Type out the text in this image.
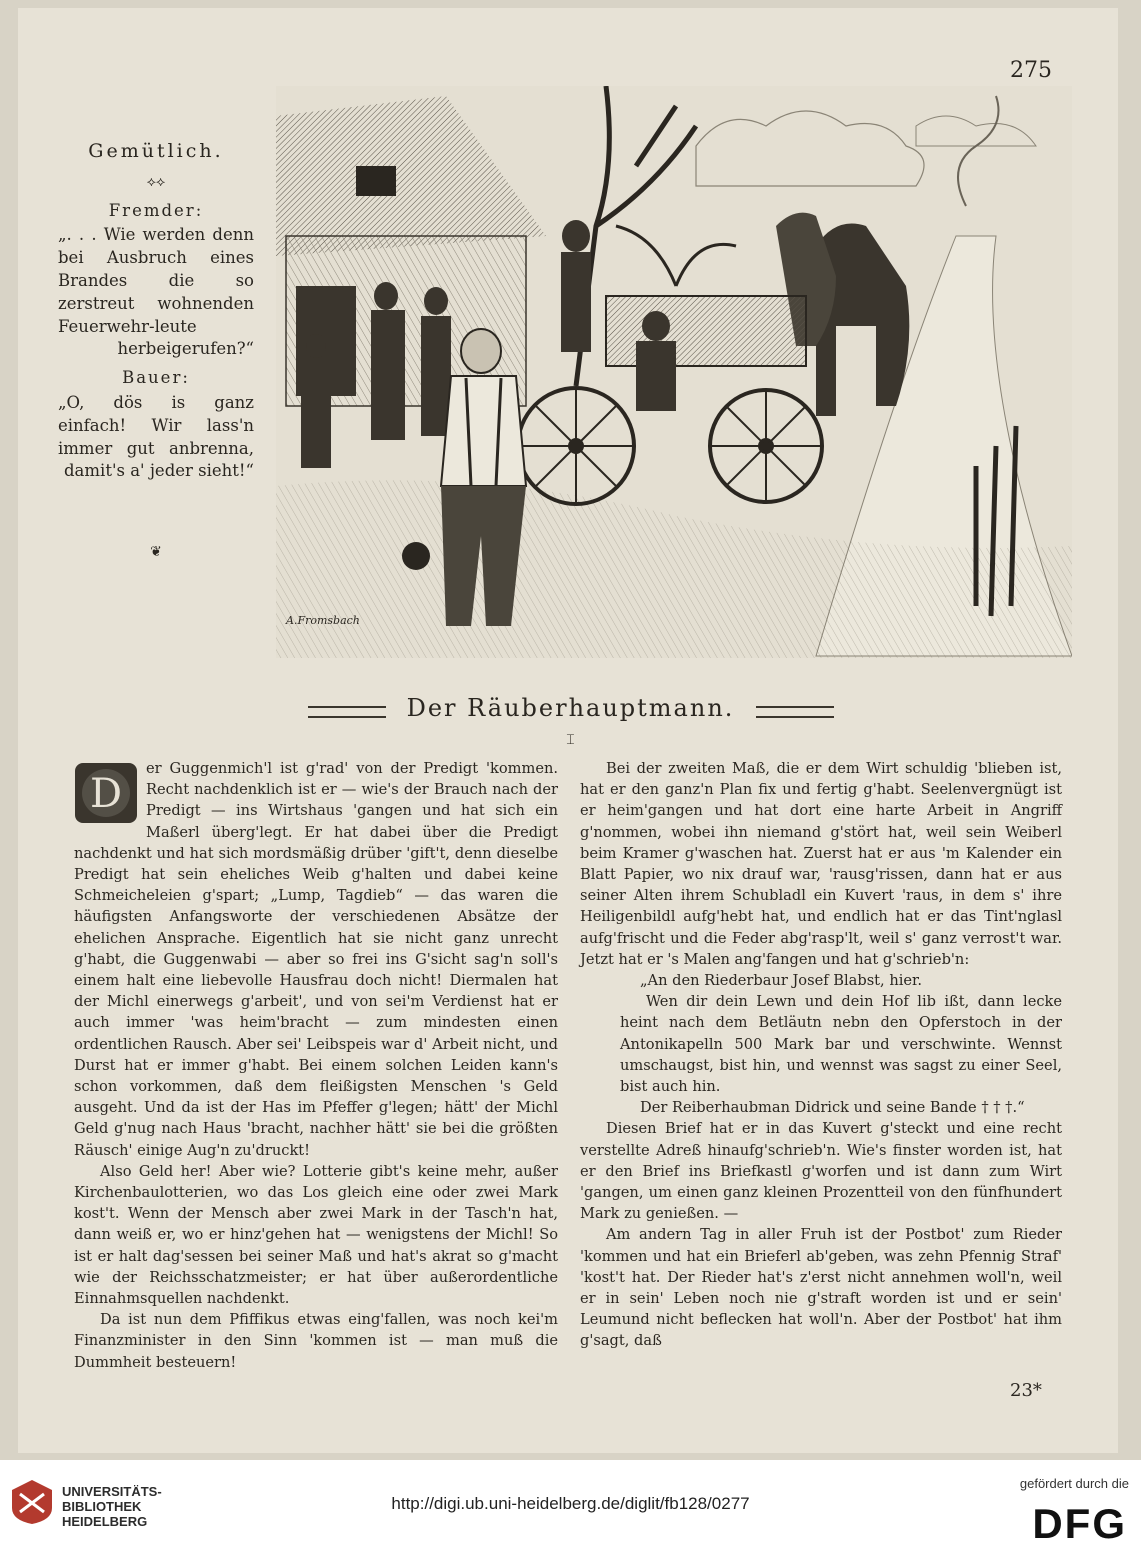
275
Gemütlich.
⟡⟡
Fremder:

„. . . Wie werden denn bei Ausbruch eines Brandes die so zerstreut wohnenden Feuerwehr-leute herbeigerufen?“

Bauer:

„O, dös is ganz einfach! Wir lass'n immer gut anbrenna, damit's a' jeder sieht!“

❦
A.Fromsbach
Der Räuberhauptmann.
⌶
D

er Guggenmich'l ist g'rad' von der Predigt 'kommen. Recht nachdenklich ist er — wie's der Brauch nach der Predigt — ins Wirtshaus 'gangen und hat sich ein Maßerl überg'legt. Er hat dabei über die Predigt nachdenkt und hat sich mordsmäßig drüber 'gift't, denn dieselbe Predigt hat sein eheliches Weib g'halten und dabei keine Schmeicheleien g'spart; „Lump, Tagdieb“ — das waren die häufigsten Anfangsworte der verschiedenen Absätze der ehelichen Ansprache. Eigentlich hat sie nicht ganz unrecht g'habt, die Guggenwabi — aber so frei ins G'sicht sag'n soll's einem halt eine liebevolle Hausfrau doch nicht! Diermalen hat der Michl einerwegs g'arbeit', und von sei'm Verdienst hat er auch immer 'was heim'bracht — zum mindesten einen ordentlichen Rausch. Aber sei' Leibspeis war d' Arbeit nicht, und Durst hat er immer g'habt. Bei einem solchen Leiden kann's schon vorkommen, daß dem fleißigsten Menschen 's Geld ausgeht. Und da ist der Has im Pfeffer g'legen; hätt' der Michl Geld g'nug nach Haus 'bracht, nachher hätt' sie bei die größten Räusch' einige Aug'n zu'druckt!

Also Geld her! Aber wie? Lotterie gibt's keine mehr, außer Kirchenbaulotterien, wo das Los gleich eine oder zwei Mark kost't. Wenn der Mensch aber zwei Mark in der Tasch'n hat, dann weiß er, wo er hinz'gehen hat — wenigstens der Michl! So ist er halt dag'sessen bei seiner Maß und hat's akrat so g'macht wie der Reichsschatzmeister; er hat über außerordentliche Einnahmsquellen nachdenkt.

Da ist nun dem Pfiffikus etwas eing'fallen, was noch kei'm Finanzminister in den Sinn 'kommen ist — man muß die Dummheit besteuern!

Bei der zweiten Maß, die er dem Wirt schuldig 'blieben ist, hat er den ganz'n Plan fix und fertig g'habt. Seelenvergnügt ist er heim'gangen und hat dort eine harte Arbeit in Angriff g'nommen, wobei ihn niemand g'stört hat, weil sein Weiberl beim Kramer g'waschen hat. Zuerst hat er aus 'm Kalender ein Blatt Papier, wo nix drauf war, 'rausg'rissen, dann hat er aus seiner Alten ihrem Schubladl ein Kuvert 'raus, in dem s' ihre Heiligenbildl aufg'hebt hat, und endlich hat er das Tint'nglasl aufg'frischt und die Feder abg'rasp'lt, weil s' ganz verrost't war. Jetzt hat er 's Malen ang'fangen und hat g'schrieb'n:

„An den Riederbaur Josef Blabst, hier.

Wen dir dein Lewn und dein Hof lib ißt, dann lecke heint nach dem Betläutn nebn den Opferstoch in der Antonikapelln 500 Mark bar und verschwinte. Wennst umschaugst, bist hin, und wennst was sagst zu einer Seel, bist auch hin.

Der Reiberhaubman Didrick und seine Bande † † †.“

Diesen Brief hat er in das Kuvert g'steckt und eine recht verstellte Adreß hinaufg'schrieb'n. Wie's finster worden ist, hat er den Brief ins Briefkastl g'worfen und ist dann zum Wirt 'gangen, um einen ganz kleinen Prozentteil von den fünfhundert Mark zu genießen. —

Am andern Tag in aller Fruh ist der Postbot' zum Rieder 'kommen und hat ein Brieferl ab'geben, was zehn Pfennig Straf' 'kost't hat. Der Rieder hat's z'erst nicht annehmen woll'n, weil er in sein' Leben noch nie g'straft worden ist und er sein' Leumund nicht beflecken hat woll'n. Aber der Postbot' hat ihm g'sagt, daß

23*
UNIVERSITÄTS-
BIBLIOTHEK
HEIDELBERG
http://digi.ub.uni-heidelberg.de/diglit/fb128/0277
gefördert durch die
DFG
